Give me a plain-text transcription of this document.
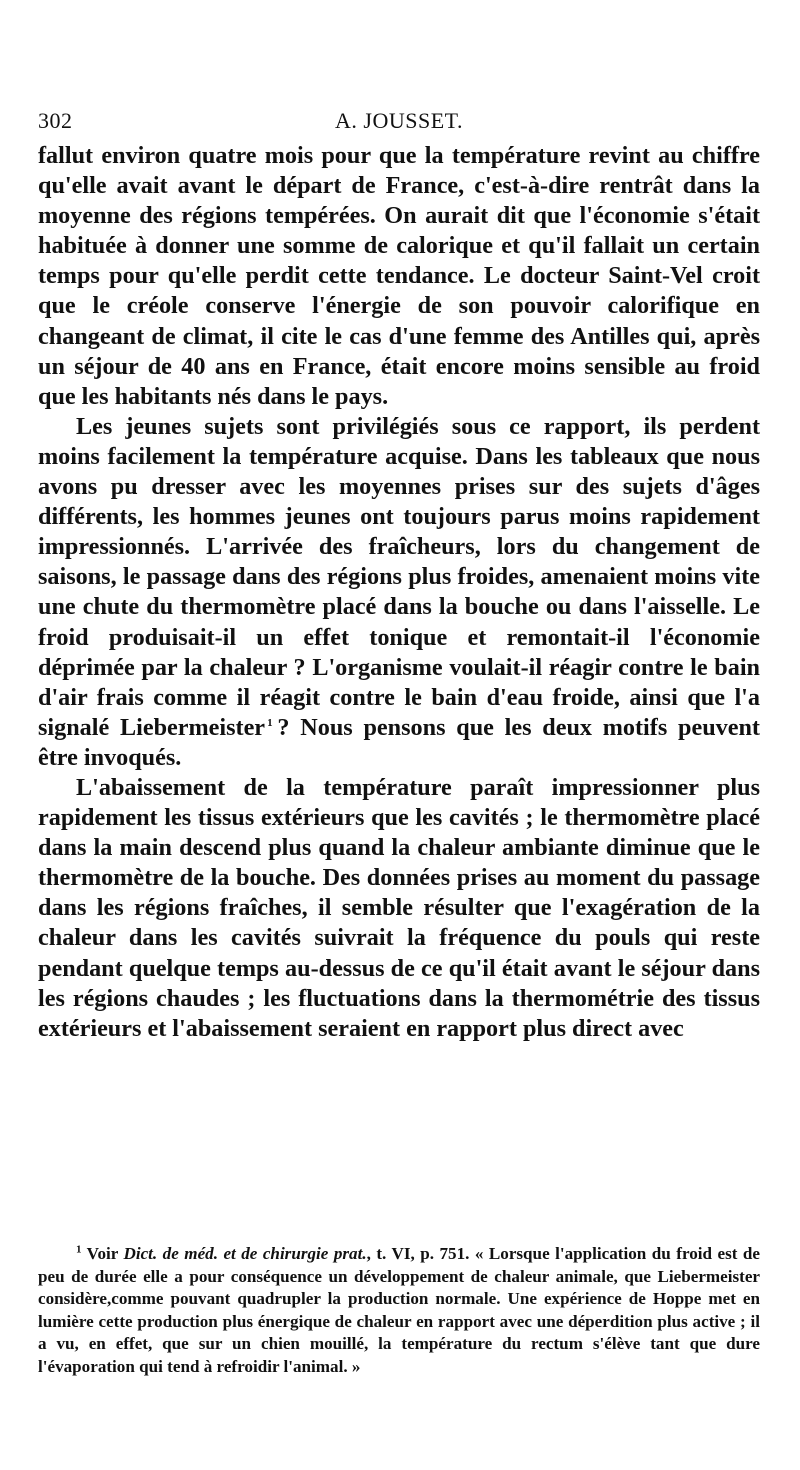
302	A. JOUSSET.

fallut environ quatre mois pour que la température revint au chiffre qu'elle avait avant le départ de France, c'est-à-dire rentrât dans la moyenne des régions tempérées. On aurait dit que l'économie s'était habituée à donner une somme de calorique et qu'il fallait un certain temps pour qu'elle perdit cette tendance. Le docteur Saint-Vel croit que le créole conserve l'énergie de son pouvoir calorifique en changeant de climat, il cite le cas d'une femme des Antilles qui, après un séjour de 40 ans en France, était encore moins sensible au froid que les habitants nés dans le pays.

Les jeunes sujets sont privilégiés sous ce rapport, ils perdent moins facilement la température acquise. Dans les tableaux que nous avons pu dresser avec les moyennes prises sur des sujets d'âges différents, les hommes jeunes ont toujours parus moins rapidement impressionnés. L'arrivée des fraîcheurs, lors du changement de saisons, le passage dans des régions plus froides, amenaient moins vite une chute du thermomètre placé dans la bouche ou dans l'aisselle. Le froid produisait-il un effet tonique et remontait-il l'économie déprimée par la chaleur ? L'organisme voulait-il réagir contre le bain d'air frais comme il réagit contre le bain d'eau froide, ainsi que l'a signalé Liebermeister  $^1$  ? Nous pensons que les deux motifs peuvent être invoqués.

L'abaissement de la température paraît impressionner plus rapidement les tissus extérieurs que les cavités ; le thermomètre placé dans la main descend plus quand la chaleur ambiante diminue que le thermomètre de la bouche. Des données prises au moment du passage dans les régions fraîches, il semble résulter que l'exagération de la chaleur dans les cavités suivrait la fréquence du pouls qui reste pendant quelque temps au-dessus de ce qu'il était avant le séjour dans les régions chaudes ; les fluctuations dans la thermométrie des tissus extérieurs et l'abaissement seraient en rapport plus direct avec

$^1$ Voir Dict. de méd. et de chirurgie prat., t. VI, p. 751. « Lorsque l'application du froid est de peu de durée elle a pour conséquence un développement de chaleur animale, que Liebermeister considère,comme pouvant quadrupler la production normale. Une expérience de Hoppe met en lumière cette production plus énergique de chaleur en rapport avec une déperdition plus active ; il a vu, en effet, que sur un chien mouillé, la température du rectum s'élève tant que dure l'évaporation qui tend à refroidir l'animal. »
